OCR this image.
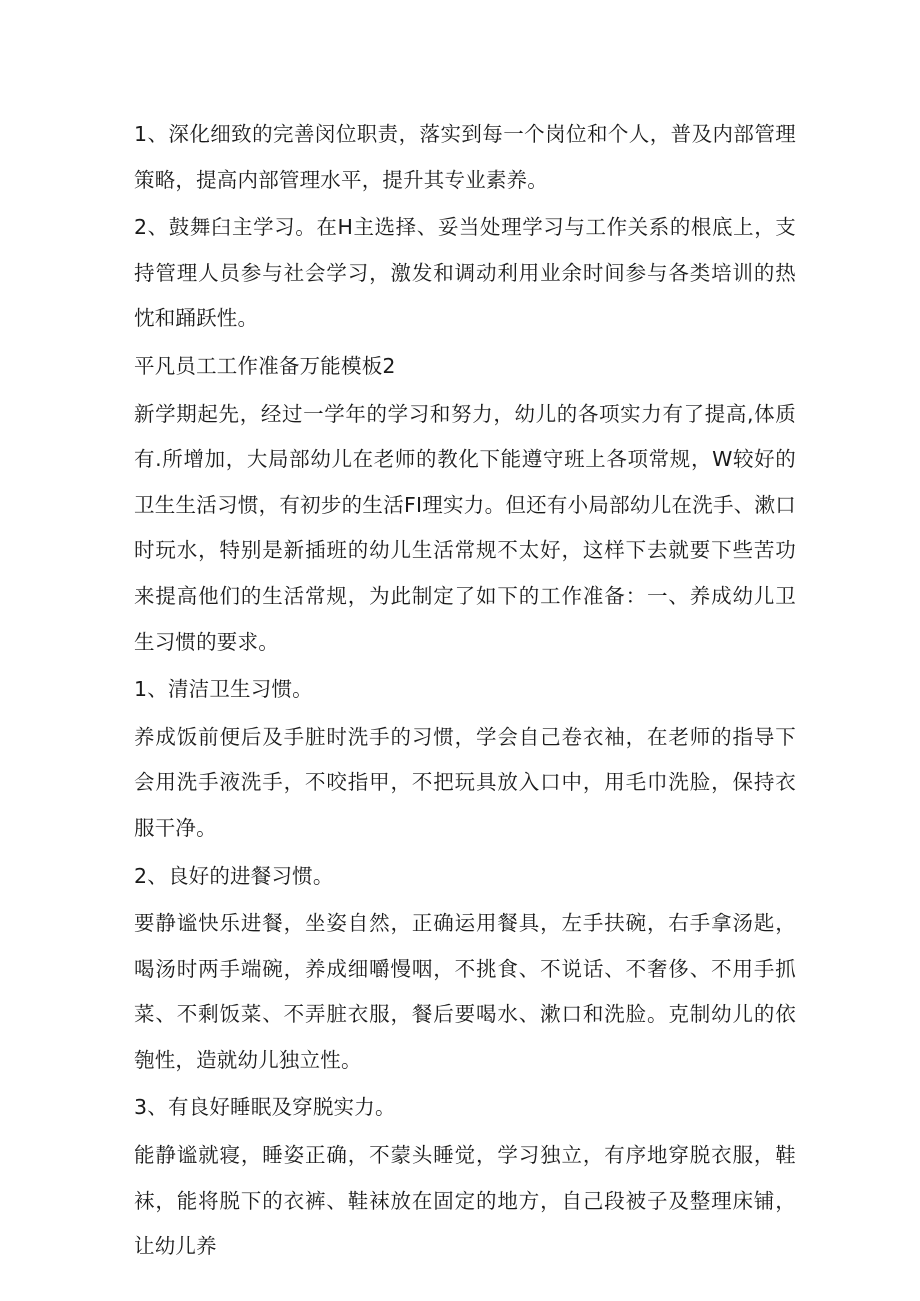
1、深化细致的完善闵位职责，落实到每一个岗位和个人，普及内部管理策略，提高内部管理水平，提升其专业素养。

2、鼓舞臼主学习。在H主选择、妥当处理学习与工作关系的根底上，支持管理人员参与社会学习，激发和调动利用业余时间参与各类培训的热忱和踊跃性。

平凡员工工作准备万能模板2

新学期起先，经过一学年的学习和努力，幼儿的各项实力有了提高,体质有.所增加，大局部幼儿在老师的教化下能遵守班上各项常规，W较好的卫生生活习惯，有初步的生活FI理实力。但还有小局部幼儿在洗手、漱口时玩水，特别是新插班的幼儿生活常规不太好，这样下去就要下些苦功来提高他们的生活常规，为此制定了如下的工作准备：一、养成幼儿卫生习惯的要求。

1、清洁卫生习惯。

养成饭前便后及手脏时洗手的习惯，学会自己卷衣袖，在老师的指导下会用洗手液洗手，不咬指甲，不把玩具放入口中，用毛巾洗脸，保持衣服干净。

2、良好的进餐习惯。

要静谧快乐进餐，坐姿自然，正确运用餐具，左手扶碗，右手拿汤匙，喝汤时两手端碗，养成细嚼慢咽，不挑食、不说话、不奢侈、不用手抓菜、不剩饭菜、不弄脏衣服，餐后要喝水、漱口和洗脸。克制幼儿的依匏性，造就幼儿独立性。

3、有良好睡眠及穿脱实力。

能静谧就寝，睡姿正确，不蒙头睡觉，学习独立，有序地穿脱衣服，鞋袜，能将脱下的衣裤、鞋袜放在固定的地方，自己段被子及整理床铺，让幼儿养
